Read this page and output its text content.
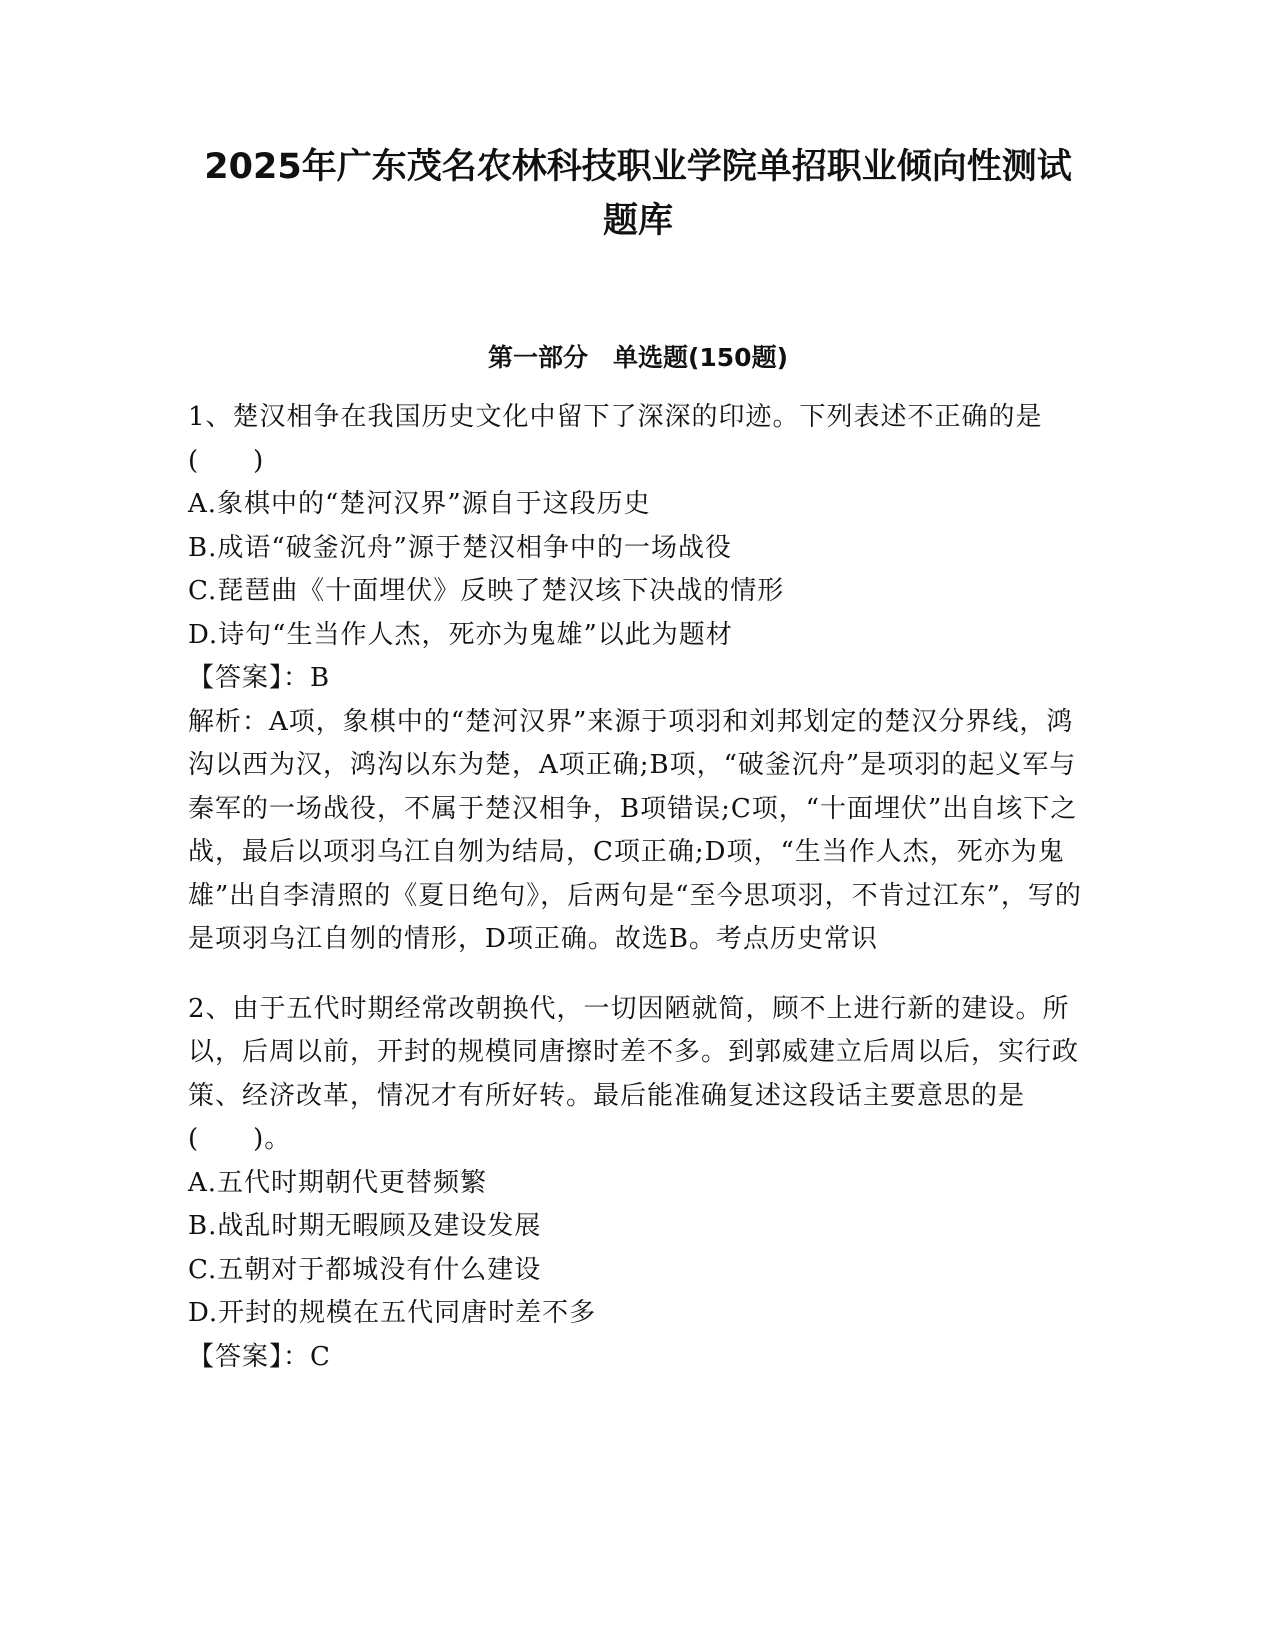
2025年广东茂名农林科技职业学院单招职业倾向性测试题库
第一部分　单选题(150题)

1、楚汉相争在我国历史文化中留下了深深的印迹。下列表述不正确的是(　　)

A.象棋中的“楚河汉界”源自于这段历史

B.成语“破釜沉舟”源于楚汉相争中的一场战役

C.琵琶曲《十面埋伏》反映了楚汉垓下决战的情形

D.诗句“生当作人杰，死亦为鬼雄”以此为题材

【答案】：B

解析：A项，象棋中的“楚河汉界”来源于项羽和刘邦划定的楚汉分界线，鸿沟以西为汉，鸿沟以东为楚，A项正确;B项，“破釜沉舟”是项羽的起义军与秦军的一场战役，不属于楚汉相争，B项错误;C项，“十面埋伏”出自垓下之战，最后以项羽乌江自刎为结局，C项正确;D项，“生当作人杰，死亦为鬼雄”出自李清照的《夏日绝句》，后两句是“至今思项羽，不肯过江东”，写的是项羽乌江自刎的情形，D项正确。故选B。考点历史常识

2、由于五代时期经常改朝换代，一切因陋就简，顾不上进行新的建设。所以，后周以前，开封的规模同唐擦时差不多。到郭威建立后周以后，实行政策、经济改革，情况才有所好转。最后能准确复述这段话主要意思的是(　　)。

A.五代时期朝代更替频繁

B.战乱时期无暇顾及建设发展

C.五朝对于都城没有什么建设

D.开封的规模在五代同唐时差不多

【答案】：C
